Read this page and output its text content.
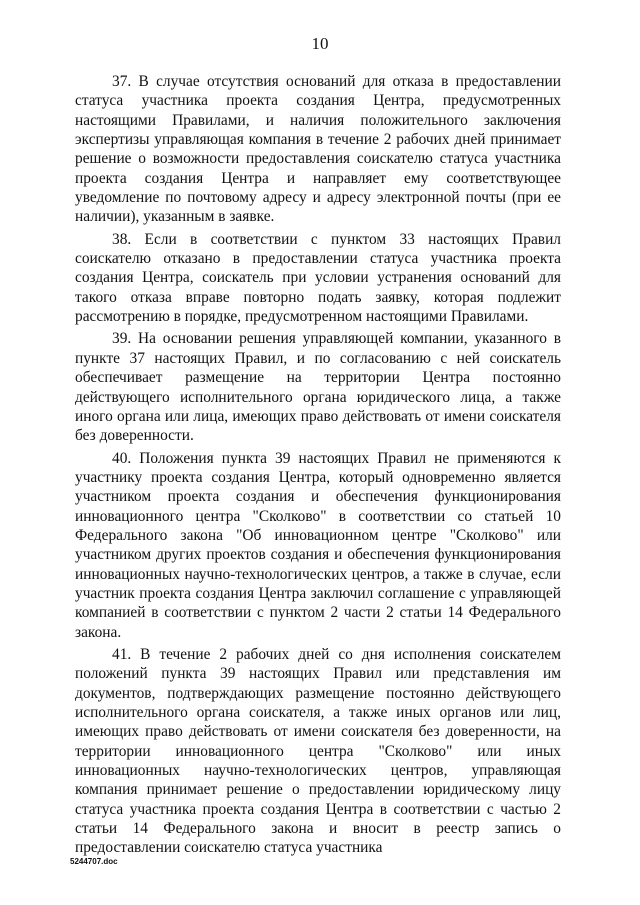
10

37. В случае отсутствия оснований для отказа в предоставлении статуса участника проекта создания Центра, предусмотренных настоящими Правилами, и наличия положительного заключения экспертизы управляющая компания в течение 2 рабочих дней принимает решение о возможности предоставления соискателю статуса участника проекта создания Центра и направляет ему соответствующее уведомление по почтовому адресу и адресу электронной почты (при ее наличии), указанным в заявке.

38. Если в соответствии с пунктом 33 настоящих Правил соискателю отказано в предоставлении статуса участника проекта создания Центра, соискатель при условии устранения оснований для такого отказа вправе повторно подать заявку, которая подлежит рассмотрению в порядке, предусмотренном настоящими Правилами.

39. На основании решения управляющей компании, указанного в пункте 37 настоящих Правил, и по согласованию с ней соискатель обеспечивает размещение на территории Центра постоянно действующего исполнительного органа юридического лица, а также иного органа или лица, имеющих право действовать от имени соискателя без доверенности.

40. Положения пункта 39 настоящих Правил не применяются к участнику проекта создания Центра, который одновременно является участником проекта создания и обеспечения функционирования инновационного центра "Сколково" в соответствии со статьей 10 Федерального закона "Об инновационном центре "Сколково" или участником других проектов создания и обеспечения функционирования инновационных научно-технологических центров, а также в случае, если участник проекта создания Центра заключил соглашение с управляющей компанией в соответствии с пунктом 2 части 2 статьи 14 Федерального закона.

41. В течение 2 рабочих дней со дня исполнения соискателем положений пункта 39 настоящих Правил или представления им документов, подтверждающих размещение постоянно действующего исполнительного органа соискателя, а также иных органов или лиц, имеющих право действовать от имени соискателя без доверенности, на территории инновационного центра "Сколково" или иных инновационных научно-технологических центров, управляющая компания принимает решение о предоставлении юридическому лицу статуса участника проекта создания Центра в соответствии с частью 2 статьи 14 Федерального закона и вносит в реестр запись о предоставлении соискателю статуса участника

5244707.doc
